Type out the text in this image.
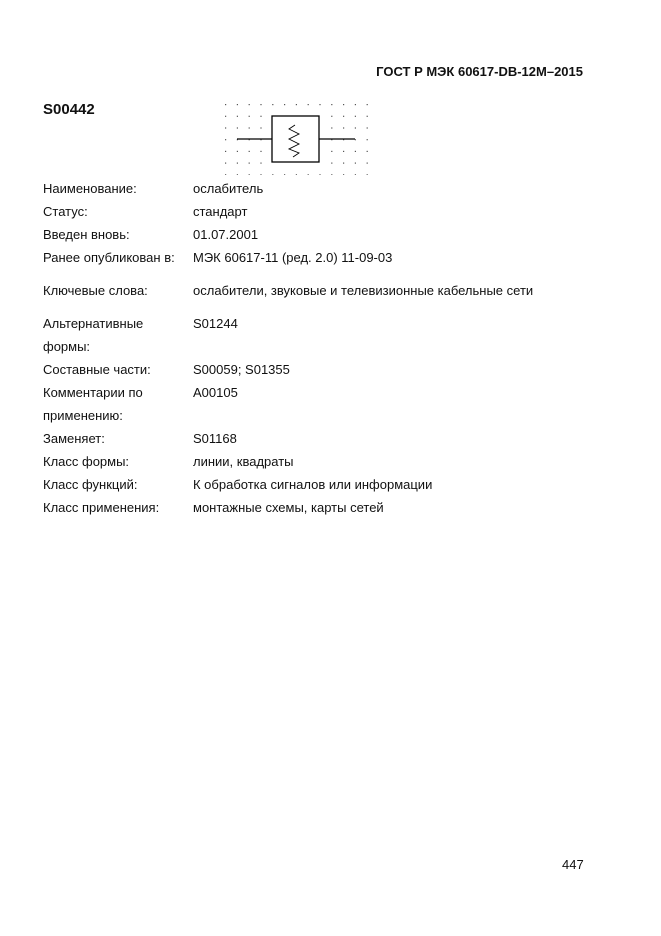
ГОСТ Р МЭК 60617-DB-12M–2015
S00442
Наименование:	ослабитель
Статус:	стандарт
Введен вновь:	01.07.2001
Ранее опубликован в:	МЭК 60617-11 (ред. 2.0) 11-09-03
Ключевые слова:	ослабители, звуковые и телевизионные кабельные сети
Альтернативные формы:
S01244
Составные части:	S00059; S01355
Комментарии по применению:
A00105
Заменяет:	S01168
Класс формы:	линии, квадраты
Класс функций:	К обработка сигналов или информации
Класс применения:	монтажные схемы, карты сетей
447
